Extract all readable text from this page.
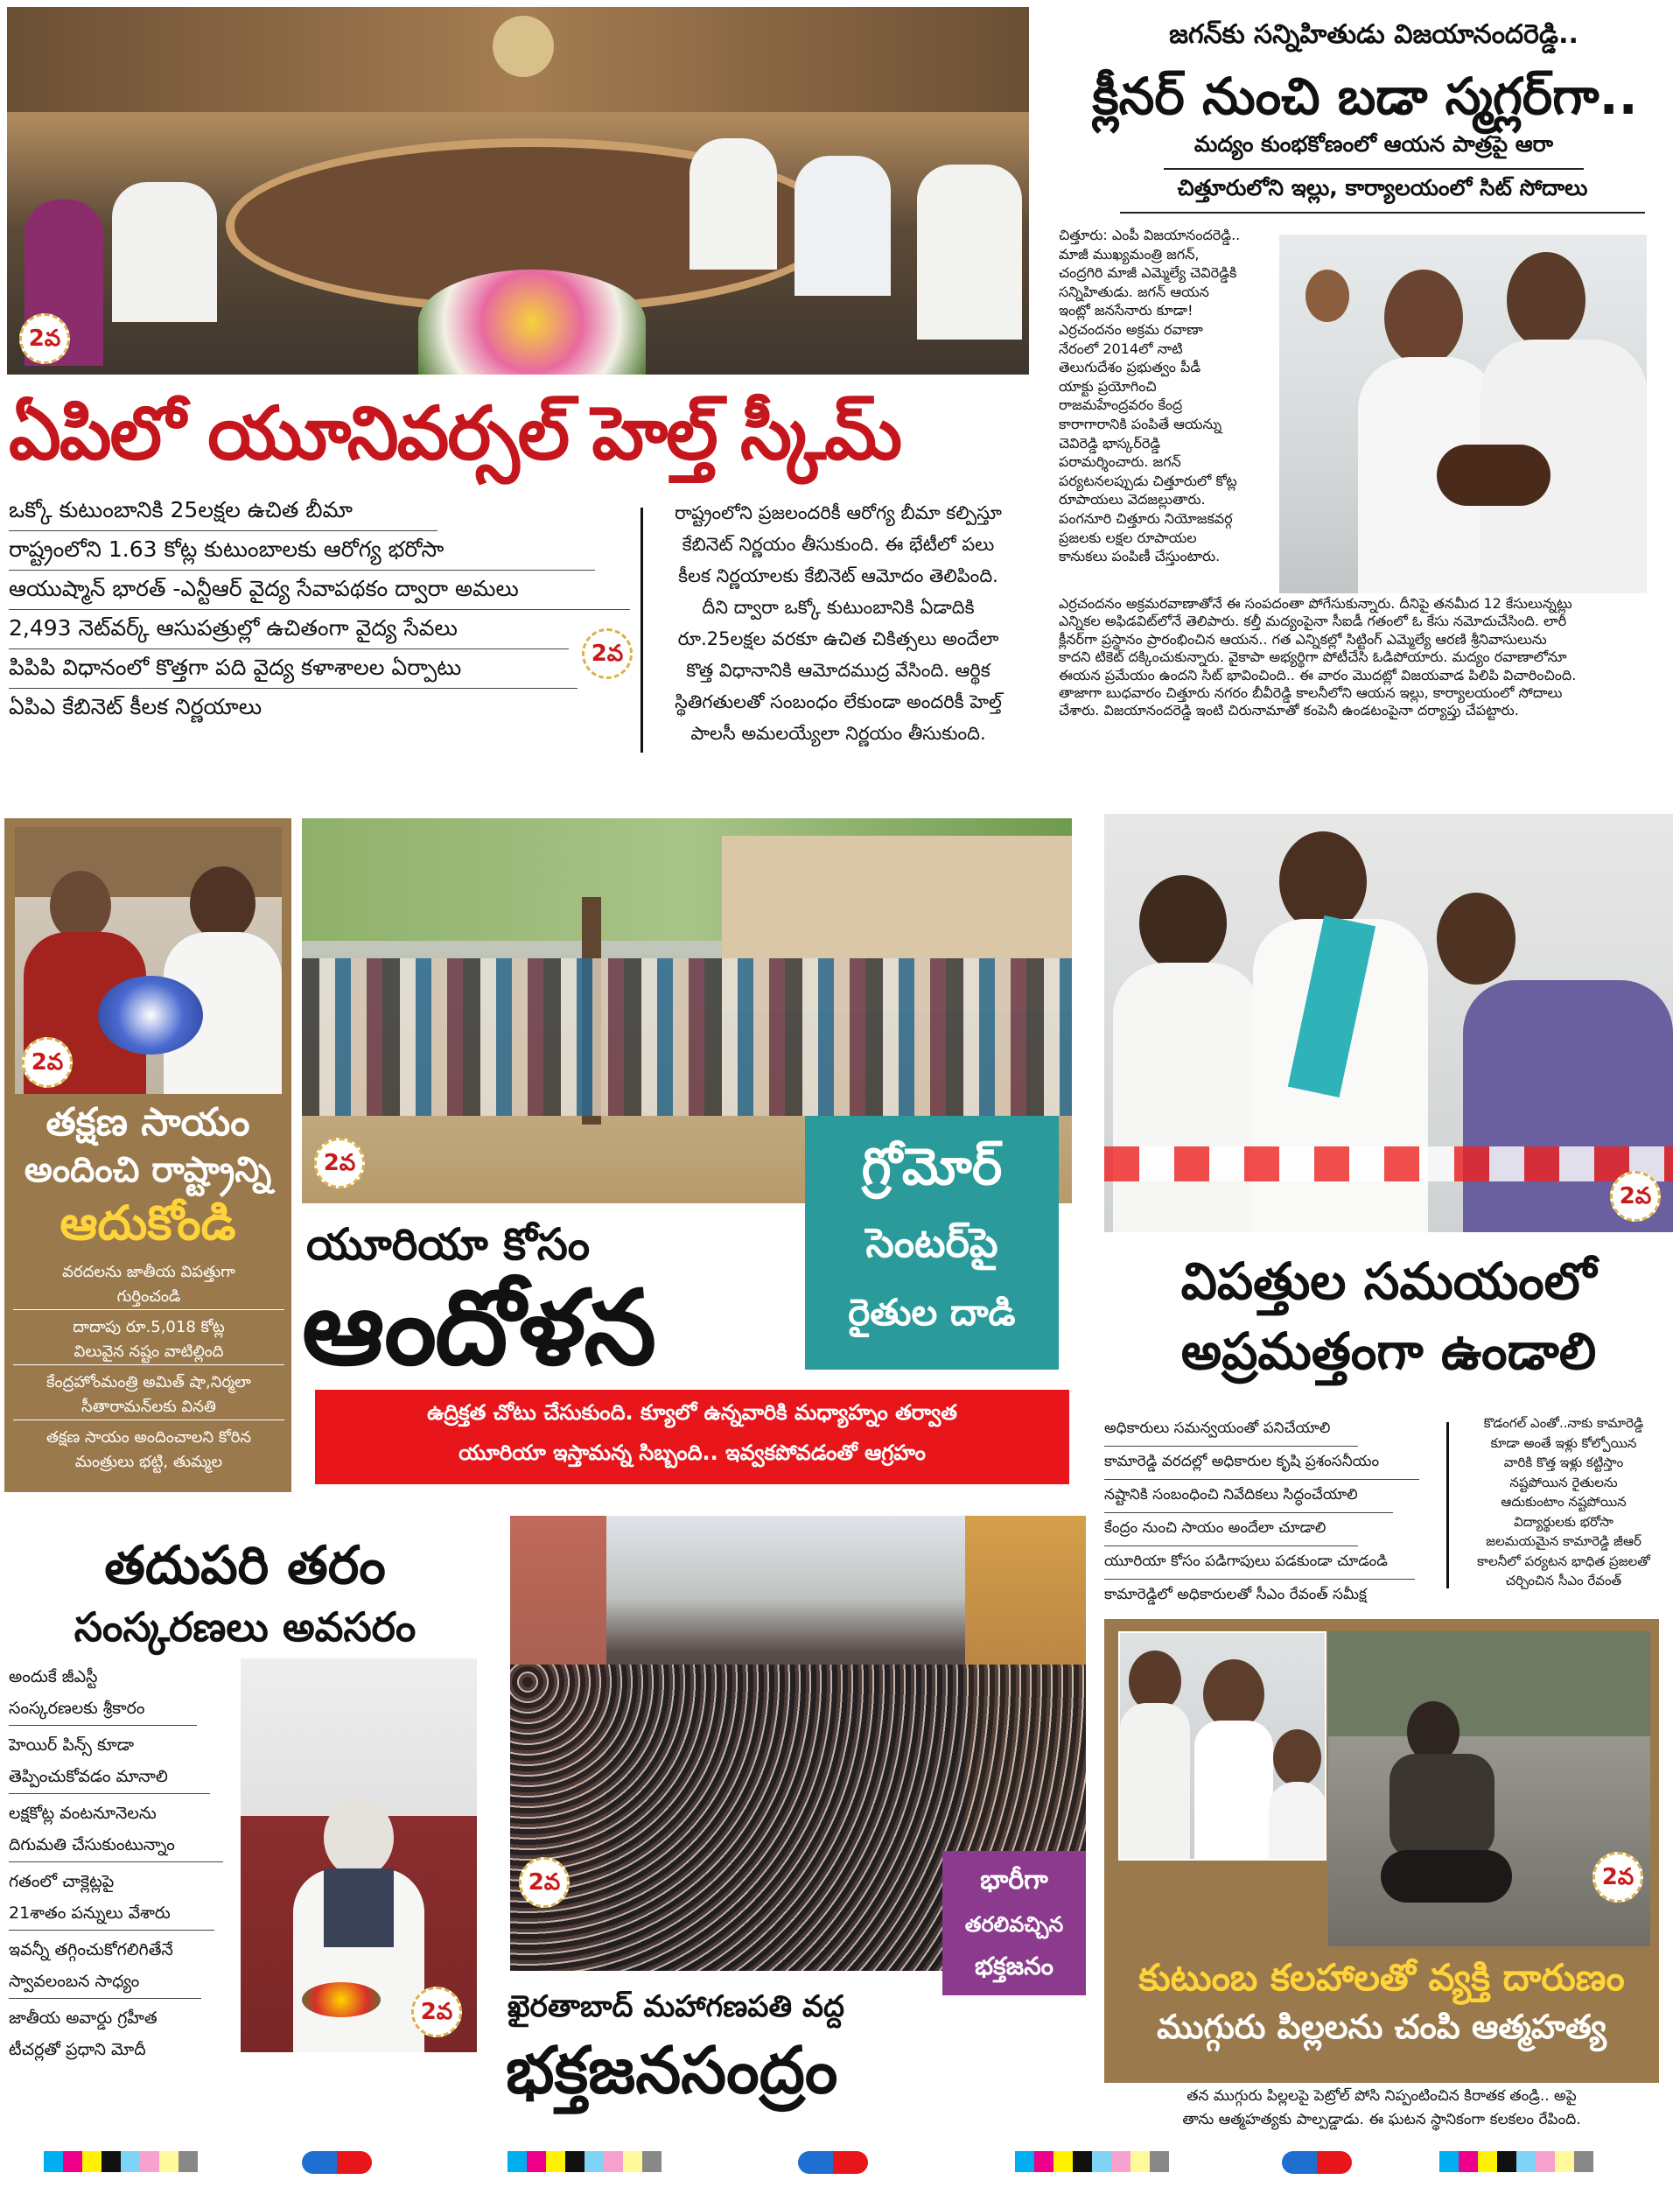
2వ
ఏపిలో యూనివర్సల్ హెల్త్ స్కీమ్
ఒక్కో కుటుంబానికి 25లక్షల ఉచిత బీమా
రాష్ట్రంలోని 1.63 కోట్ల కుటుంబాలకు ఆరోగ్య భరోసా
ఆయుష్మాన్ భారత్ -ఎన్టీఆర్ వైద్య సేవాపథకం ద్వారా అమలు
2,493 నెట్‌వర్క్ ఆసుపత్రుల్లో ఉచితంగా వైద్య సేవలు
పిపిపి విధానంలో కొత్తగా పది వైద్య కళాశాలల ఏర్పాటు
ఏపిఎ కేబినెట్ కీలక నిర్ణయాలు
2వ
రాష్ట్రంలోని ప్రజలందరికీ ఆరోగ్య బీమా కల్పిస్తూ
కేబినెట్ నిర్ణయం తీసుకుంది. ఈ భేటీలో పలు
కీలక నిర్ణయాలకు కేబినెట్ ఆమోదం తెలిపింది.
దీని ద్వారా ఒక్కో కుటుంబానికి ఏడాదికి
రూ.25లక్షల వరకూ ఉచిత చికిత్సలు అందేలా
కొత్త విధానానికి ఆమోదముద్ర వేసింది. ఆర్థిక
స్థితిగతులతో సంబంధం లేకుండా అందరికీ హెల్త్
పాలసీ అమలయ్యేలా నిర్ణయం తీసుకుంది.
జగన్‌కు సన్నిహితుడు విజయానందరెడ్డి..
క్లీనర్ నుంచి బడా స్మగ్లర్‌గా..
మద్యం కుంభకోణంలో ఆయన పాత్రపై ఆరా
చిత్తూరులోని ఇల్లు, కార్యాలయంలో సిట్ సోదాలు
చిత్తూరు: ఎంపీ విజయానందరెడ్డి..
మాజీ ముఖ్యమంత్రి జగన్,
చంద్రగిరి మాజీ ఎమ్మెల్యే చెవిరెడ్డికి
సన్నిహితుడు. జగన్ ఆయన
ఇంట్లో జనసేనారు కూడా!
ఎర్రచందనం అక్రమ రవాణా
నేరంలో 2014లో నాటి
తెలుగుదేశం ప్రభుత్వం పీడీ
యాక్టు ప్రయోగించి
రాజమహేంద్రవరం కేంద్ర
కారాగారానికి పంపితే ఆయన్ను
చెవిరెడ్డి భాస్కర్‌రెడ్డి
పరామర్శించారు. జగన్
పర్యటనలప్పుడు చిత్తూరులో కోట్ల
రూపాయలు వెదజల్లుతారు.
పంగనూరి చిత్తూరు నియోజకవర్గ
ప్రజలకు లక్షల రూపాయల
కానుకలు పంపిణీ చేస్తుంటారు.
ఎర్రచందనం అక్రమరవాణాతోనే ఈ సంపదంతా పోగేసుకున్నారు. దీనిపై తనమీద 12 కేసులున్నట్లు
ఎన్నికల అఫిడవిట్‌లోనే తెలిపారు. కల్తీ మద్యంపైనా సీఐడీ గతంలో ఓ కేసు నమోదుచేసింది. లారీ
క్లీనర్‌గా ప్రస్థానం ప్రారంభించిన ఆయన.. గత ఎన్నికల్లో సిట్టింగ్ ఎమ్మెల్యే ఆరణి శ్రీనివాసులును
కాదని టికెట్ దక్కించుకున్నారు. వైకాపా అభ్యర్థిగా పోటీచేసి ఓడిపోయారు. మద్యం రవాణాలోనూ
ఈయన ప్రమేయం ఉందని సిట్ భావించింది.. ఈ వారం మొదట్లో విజయవాడ పిలిపి విచారించింది.
తాజాగా బుధవారం చిత్తూరు నగరం బీవీరెడ్డి కాలనీలోని ఆయన ఇల్లు, కార్యాలయంలో సోదాలు
చేశారు. విజయానందరెడ్డి ఇంటి చిరునామాతో కంపెనీ ఉండటంపైనా దర్యాప్తు చేపట్టారు.
2వ
తక్షణ సాయం
అందించి రాష్ట్రాన్ని
ఆదుకోండి
వరదలను జాతీయ విపత్తుగా
గుర్తించండి
దాదాపు రూ.5,018 కోట్ల
విలువైన నష్టం వాటిల్లింది
కేంద్రహోంమంత్రి అమిత్ షా,నిర్మలా
సీతారామన్‌లకు వినతి
తక్షణ సాయం అందించాలని కోరిన
మంత్రులు భట్టి, తుమ్మల
2వ	గ్రోమోర్
సెంటర్‌పై
రైతుల దాడి
యూరియా కోసం
ఆందోళన
ఉద్రిక్తత చోటు చేసుకుంది. క్యూలో ఉన్నవారికి మధ్యాహ్నం తర్వాత
యూరియా ఇస్తామన్న సిబ్బంది.. ఇవ్వకపోవడంతో ఆగ్రహం
2వ
విపత్తుల సమయంలో
అప్రమత్తంగా ఉండాలి
అధికారులు సమన్వయంతో పనిచేయాలి
కామారెడ్డి వరదల్లో అధికారుల కృషి ప్రశంసనీయం
నష్టానికి సంబంధించి నివేదికలు సిద్ధంచేయాలి
కేంద్రం నుంచి సాయం అందేలా చూడాలి
యూరియా కోసం పడిగాపులు పడకుండా చూడండి
కామారెడ్డిలో అధికారులతో సీఎం రేవంత్ సమీక్ష
కొడంగల్ ఎంతో..నాకు కామారెడ్డి
కూడా అంతే ఇళ్లు కోల్పోయిన
వారికి కొత్త ఇళ్లు కట్టిస్తాం
నష్టపోయిన రైతులను
ఆదుకుంటాం నష్టపోయిన
విద్యార్థులకు భరోసా
జలమయమైన కామారెడ్డి జీఆర్
కాలనీలో పర్యటన భాధిత ప్రజలతో
చర్చించిన సీఎం రేవంత్
తదుపరి తరం
సంస్కరణలు అవసరం
అందుకే జీఎస్టీ
సంస్కరణలకు శ్రీకారం
హెయిర్ పిన్స్ కూడా
తెప్పించుకోవడం మానాలి
లక్షకోట్ల వంటనూనెలను
దిగుమతి చేసుకుంటున్నాం
గతంలో చాక్లెట్లపై
21శాతం పన్నులు వేశారు
ఇవన్నీ తగ్గించుకోగలిగితేనే
స్వావలంబన సాధ్యం
జాతీయ అవార్డు గ్రహీత
టీచర్లతో ప్రధాని మోదీ
2వ
2వ	భారీగా
తరలివచ్చిన
భక్తజనం
ఖైరతాబాద్ మహాగణపతి వద్ద
భక్తజనసంద్రం
2వ
కుటుంబ కలహాలతో వ్యక్తి దారుణం
ముగ్గురు పిల్లలను చంపి ఆత్మహత్య
తన ముగ్గురు పిల్లలపై పెట్రోల్ పోసి నిప్పంటించిన కిరాతక తండ్రి.. అపై
తాను ఆత్మహత్యకు పాల్పడ్డాడు. ఈ ఘటన స్థానికంగా కలకలం రేపింది.
